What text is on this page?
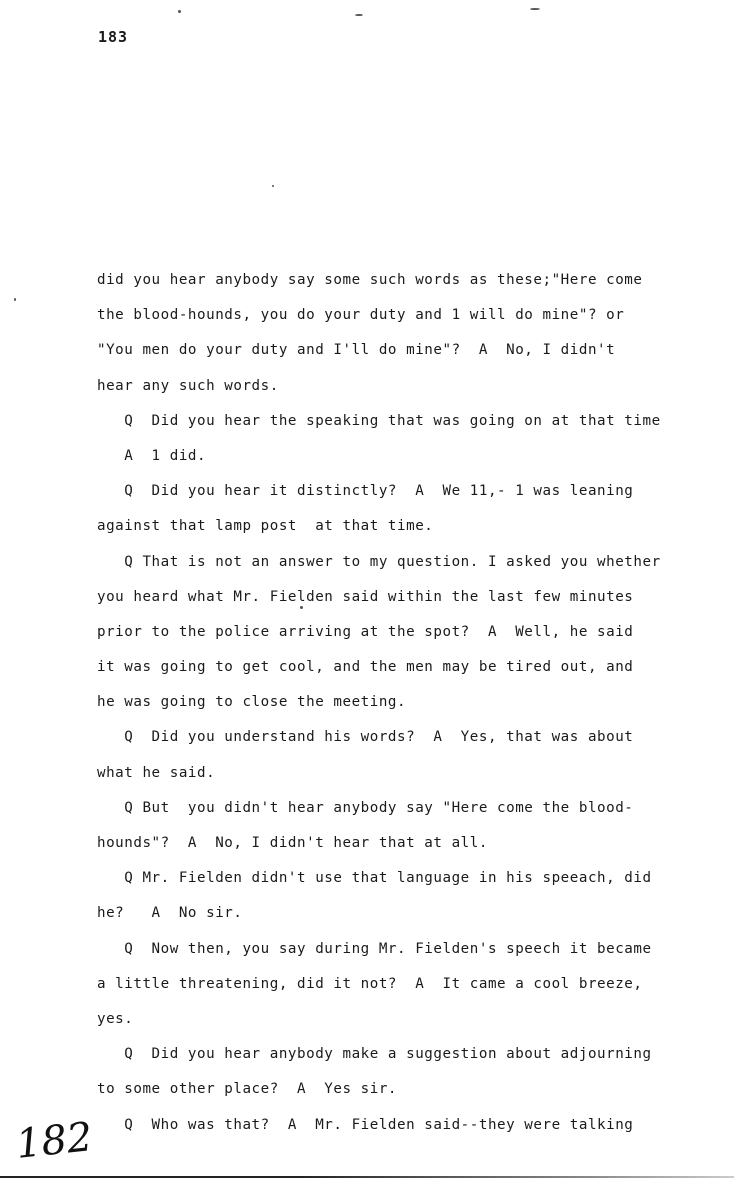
183
did you hear anybody say some such words as these;"Here come
the blood-hounds, you do your duty and 1 will do mine"? or
"You men do your duty and I'll do mine"?  A  No, I didn't
hear any such words.
Q  Did you hear the speaking that was going on at that time
A  1 did.
Q  Did you hear it distinctly?  A  We 11,- 1 was leaning
against that lamp post  at that time.
Q That is not an answer to my question. I asked you whether
you heard what Mr. Fielden said within the last few minutes
prior to the police arriving at the spot?  A  Well, he said
it was going to get cool, and the men may be tired out, and
he was going to close the meeting.
Q  Did you understand his words?  A  Yes, that was about
what he said.
Q But  you didn't hear anybody say "Here come the blood-
hounds"?  A  No, I didn't hear that at all.
Q Mr. Fielden didn't use that language in his speeach, did
he?   A  No sir.
Q  Now then, you say during Mr. Fielden's speech it became
a little threatening, did it not?  A  It came a cool breeze,
yes.
Q  Did you hear anybody make a suggestion about adjourning
to some other place?  A  Yes sir.
Q  Who was that?  A  Mr. Fielden said--they were talking
182
